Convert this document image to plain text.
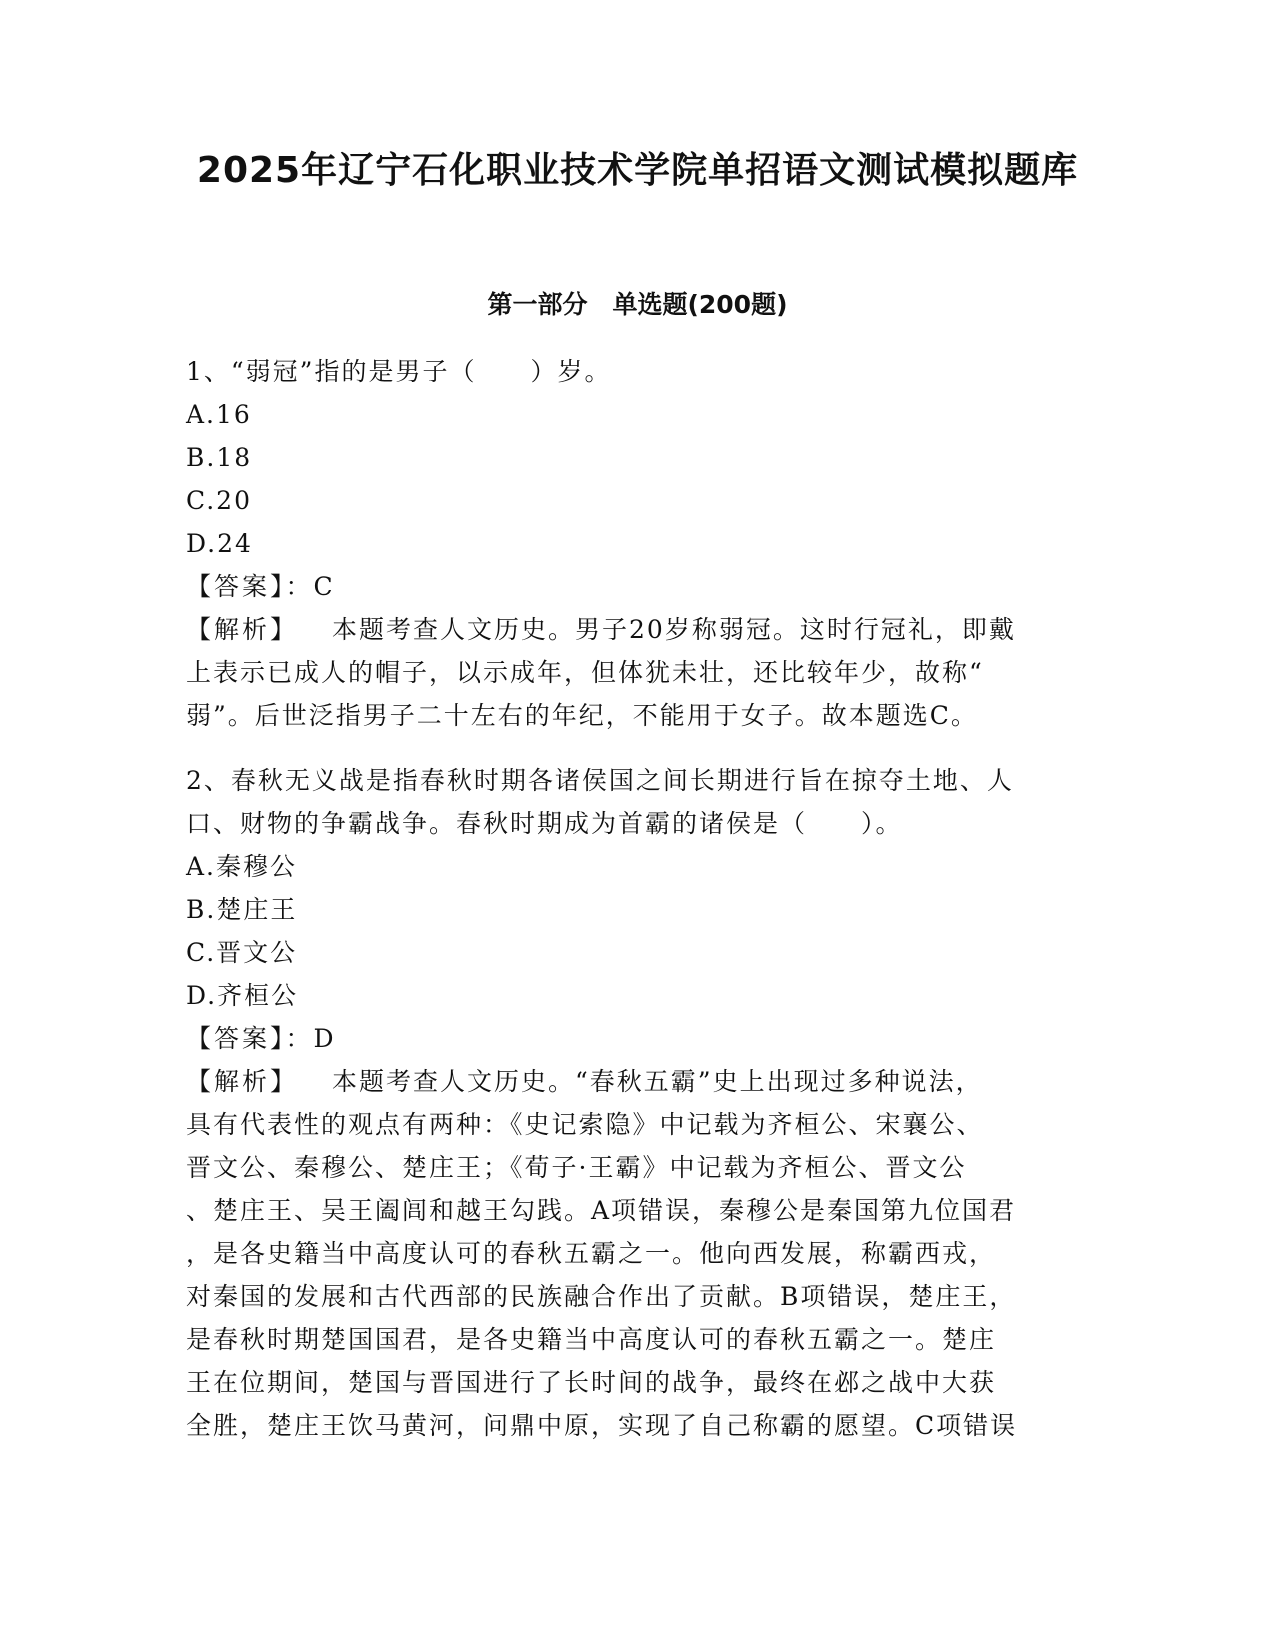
2025年辽宁石化职业技术学院单招语文测试模拟题库
第一部分　单选题(200题)
1、“弱冠”指的是男子（　　）岁。
A.16
B.18
C.20
D.24
【答案】：C
【解析】 本题考查人文历史。男子20岁称弱冠。这时行冠礼，即戴
上表示已成人的帽子，以示成年，但体犹未壮，还比较年少，故称“
弱”。后世泛指男子二十左右的年纪，不能用于女子。故本题选C。
2、春秋无义战是指春秋时期各诸侯国之间长期进行旨在掠夺土地、人
口、财物的争霸战争。春秋时期成为首霸的诸侯是（　　）。
A.秦穆公
B.楚庄王
C.晋文公
D.齐桓公
【答案】：D
【解析】 本题考查人文历史。“春秋五霸”史上出现过多种说法，
具有代表性的观点有两种：《史记索隐》中记载为齐桓公、宋襄公、
晋文公、秦穆公、楚庄王；《荀子·王霸》中记载为齐桓公、晋文公
、楚庄王、吴王阖闾和越王勾践。A项错误，秦穆公是秦国第九位国君
，是各史籍当中高度认可的春秋五霸之一。他向西发展，称霸西戎，
对秦国的发展和古代西部的民族融合作出了贡献。B项错误，楚庄王，
是春秋时期楚国国君，是各史籍当中高度认可的春秋五霸之一。楚庄
王在位期间，楚国与晋国进行了长时间的战争，最终在邲之战中大获
全胜，楚庄王饮马黄河，问鼎中原，实现了自己称霸的愿望。C项错误
